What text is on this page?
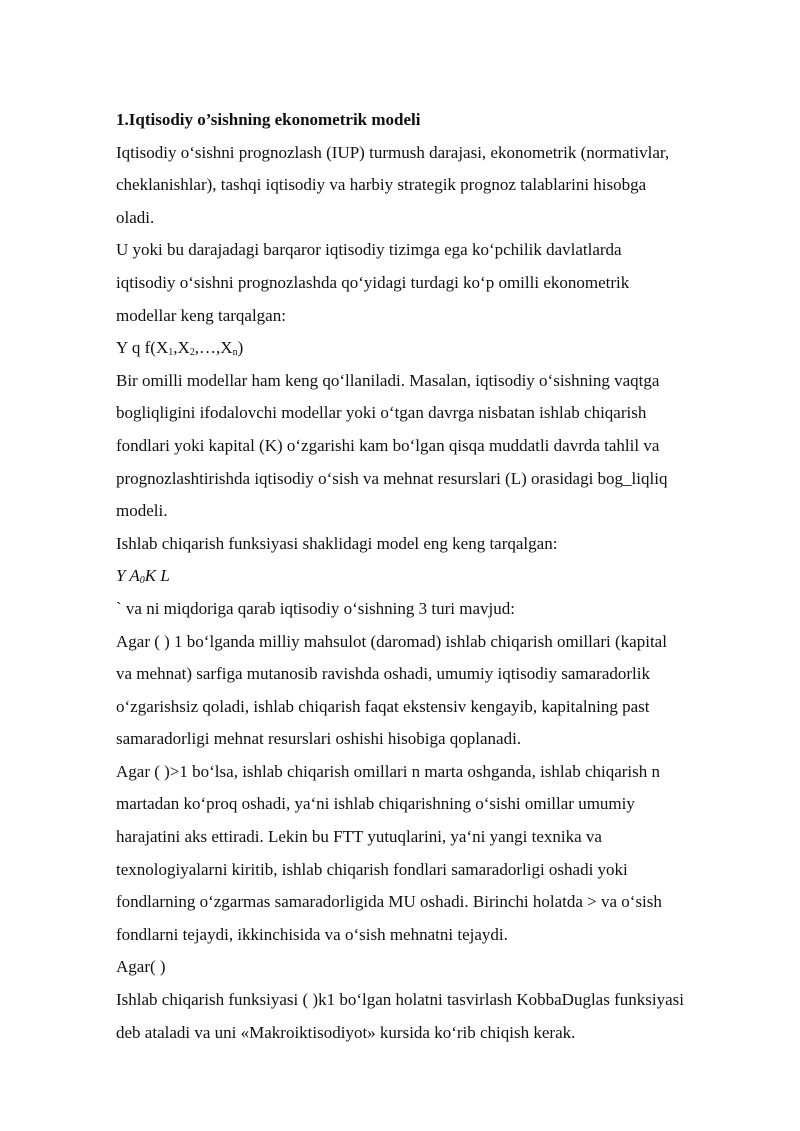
1.Iqtisodiy o’sishning ekonometrik modeli

Iqtisodiy o‘sishni prognozlash (IUP) turmush darajasi, ekonometrik (normativlar,

cheklanishlar), tashqi iqtisodiy va harbiy strategik prognoz talablarini hisobga

oladi.

U yoki bu darajadagi barqaror iqtisodiy tizimga ega ko‘pchilik davlatlarda

iqtisodiy o‘sishni prognozlashda qo‘yidagi turdagi ko‘p omilli ekonometrik

modellar keng tarqalgan:

Y q $f(X_1,X_2,\dots,X_n)$

Bir omilli modellar ham keng qo‘llaniladi. Masalan, iqtisodiy o‘sishning vaqtga

bogliqligini ifodalovchi modellar yoki o‘tgan davrga nisbatan ishlab chiqarish

fondlari yoki kapital (K) o‘zgarishi kam bo‘lgan qisqa muddatli davrda tahlil va

prognozlashtirishda iqtisodiy o‘sish va mehnat resurslari (L) orasidagi bog_liqliq

modeli.

Ishlab chiqarish funksiyasi shaklidagi model eng keng tarqalgan:

Y $A_0K$ L

` va ni miqdoriga qarab iqtisodiy o‘sishning 3 turi mavjud:

Agar ( ) 1 bo‘lganda milliy mahsulot (daromad) ishlab chiqarish omillari (kapital

va mehnat) sarfiga mutanosib ravishda oshadi, umumiy iqtisodiy samaradorlik

o‘zgarishsiz qoladi, ishlab chiqarish faqat ekstensiv kengayib, kapitalning past

samaradorligi mehnat resurslari oshishi hisobiga qoplanadi.

Agar ( )>1 bo‘lsa, ishlab chiqarish omillari n marta oshganda, ishlab chiqarish n

martadan ko‘proq oshadi, ya‘ni ishlab chiqarishning o‘sishi omillar umumiy

harajatini aks ettiradi. Lekin bu FTT yutuqlarini, ya‘ni yangi texnika va

texnologiyalarni kiritib, ishlab chiqarish fondlari samaradorligi oshadi yoki

fondlarning o‘zgarmas samaradorligida MU oshadi. Birinchi holatda > va o‘sish

fondlarni tejaydi, ikkinchisida va o‘sish mehnatni tejaydi.

Agar( )

Ishlab chiqarish funksiyasi ( )k1 bo‘lgan holatni tasvirlash KobbaDuglas funksiyasi

deb ataladi va uni «Makroiktisodiyot» kursida ko‘rib chiqish kerak.
